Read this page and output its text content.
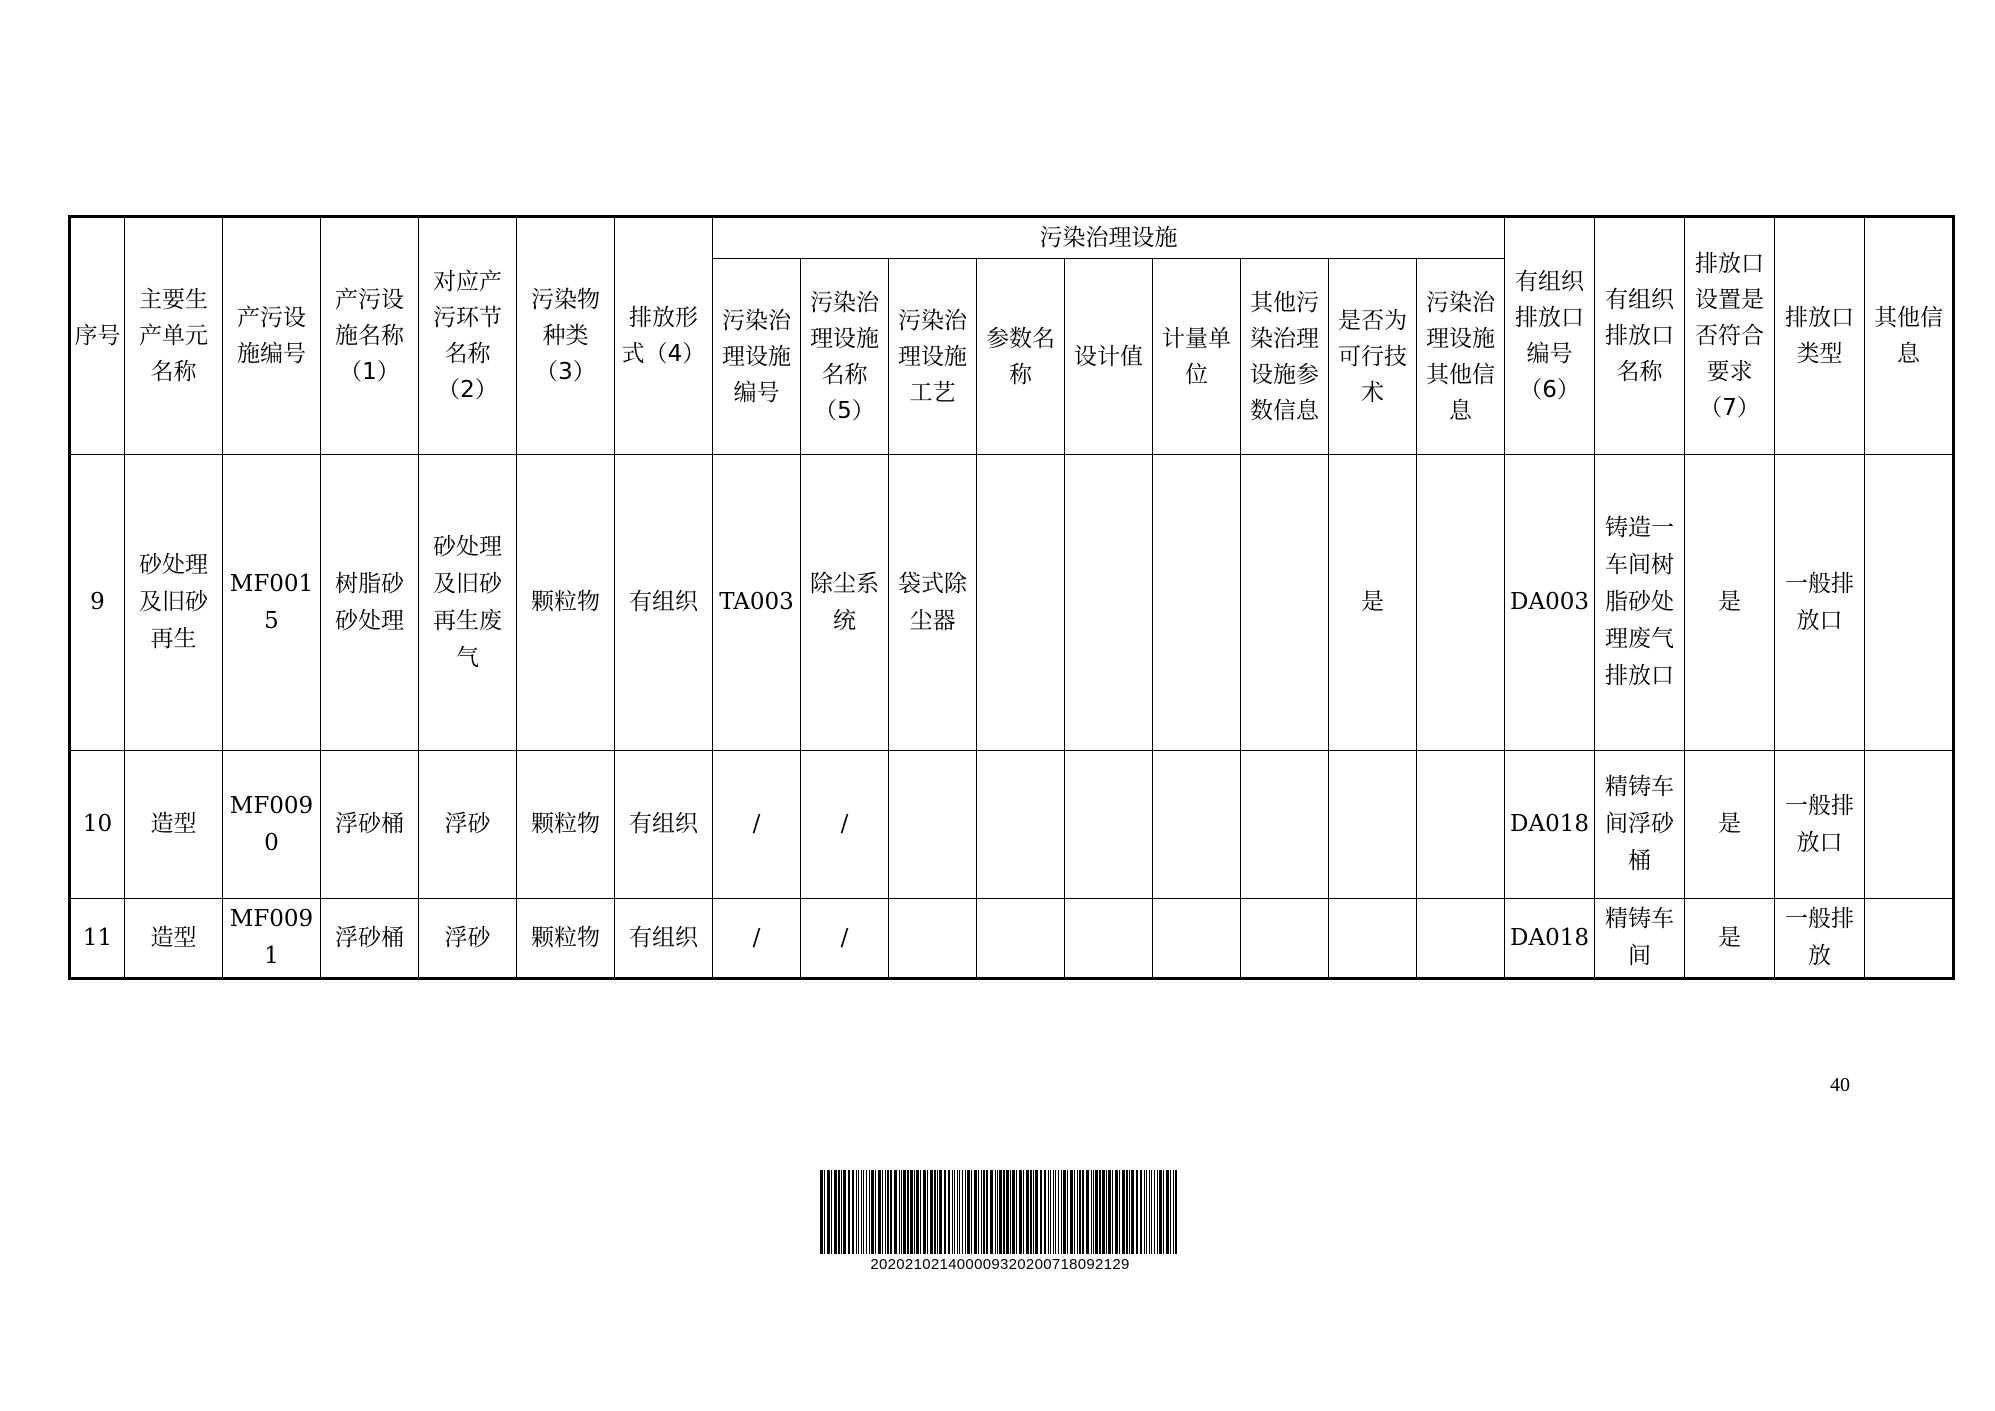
序号	主要生产单元名称	产污设施编号	产污设施名称（1）	对应产污环节名称（2）	污染物种类（3）	排放形式（4）	污染治理设施									有组织排放口编号（6）	有组织排放口名称	排放口设置是否符合要求（7）	排放口类型	其他信息
							污染治理设施编号	污染治理设施名称（5）	污染治理设施工艺	参数名称	设计值	计量单位	其他污染治理设施参数信息	是否为可行技术	污染治理设施其他信息					
9	砂处理及旧砂再生	MF0015	树脂砂砂处理	砂处理及旧砂再生废气	颗粒物	有组织	TA003	除尘系统	袋式除尘器					是		DA003	铸造一车间树脂砂处理废气排放口	是	一般排放口	
10	造型	MF0090	浮砂桶	浮砂	颗粒物	有组织	/	/								DA018	精铸车间浮砂桶	是	一般排放口	
11	造型	MF0091	浮砂桶	浮砂	颗粒物	有组织	/	/								DA018	精铸车间	是	一般排放	
40
20202102140000932020071809212​9
